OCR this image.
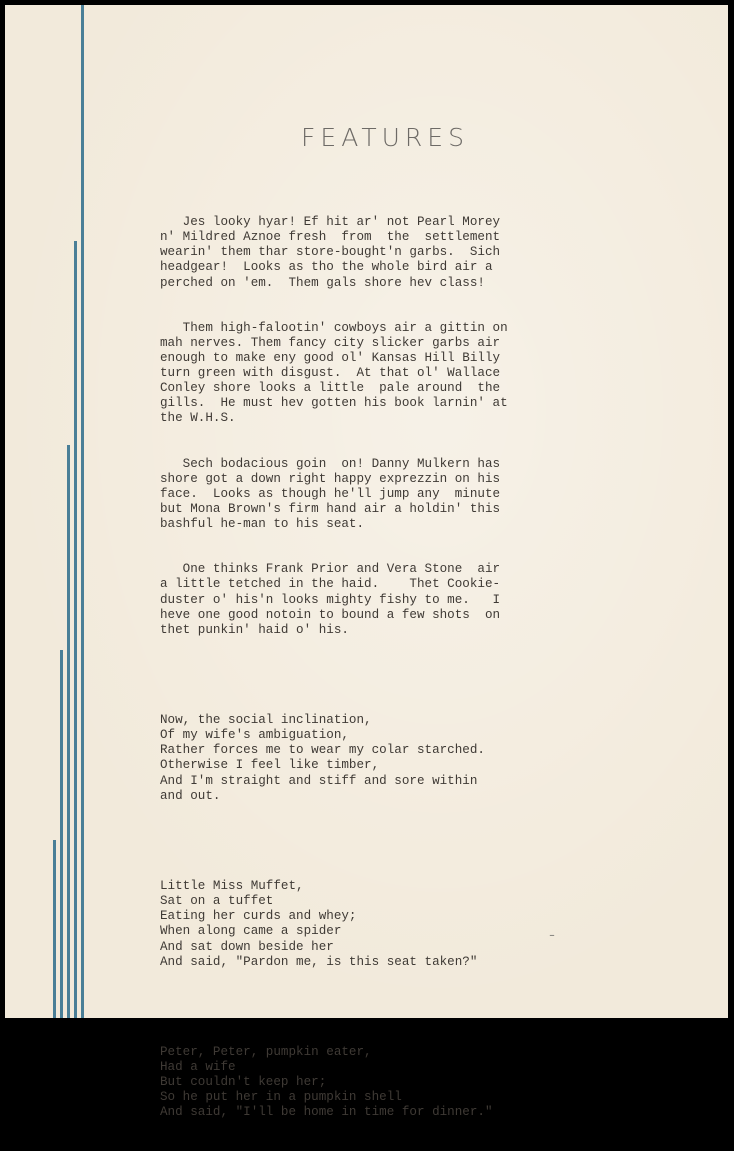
FEATURES

Jes looky hyar! Ef hit ar' not Pearl Morey
n' Mildred Aznoe fresh  from  the  settlement
wearin' them thar store-bought'n garbs.  Sich
headgear!  Looks as tho the whole bird air a
perched on 'em.  Them gals shore hev class!

Them high-falootin' cowboys air a gittin on
mah nerves. Them fancy city slicker garbs air
enough to make eny good ol' Kansas Hill Billy
turn green with disgust.  At that ol' Wallace
Conley shore looks a little  pale around  the
gills.  He must hev gotten his book larnin' at
the W.H.S.

Sech bodacious goin  on! Danny Mulkern has
shore got a down right happy exprezzin on his
face.  Looks as though he'll jump any  minute
but Mona Brown's firm hand air a holdin' this
bashful he-man to his seat.

One thinks Frank Prior and Vera Stone  air
a little tetched in the haid.    Thet Cookie-
duster o' his'n looks mighty fishy to me.   I
heve one good notoin to bound a few shots  on
thet punkin' haid o' his.

Now, the social inclination,
Of my wife's ambiguation,
Rather forces me to wear my colar starched.
Otherwise I feel like timber,
And I'm straight and stiff and sore within
and out.

Little Miss Muffet,
Sat on a tuffet
Eating her curds and whey;
When along came a spider
And sat down beside her
And said, "Pardon me, is this seat taken?"

Peter, Peter, pumpkin eater,
Had a wife
But couldn't keep her;
So he put her in a pumpkin shell
And said, "I'll be home in time for dinner."

‒
